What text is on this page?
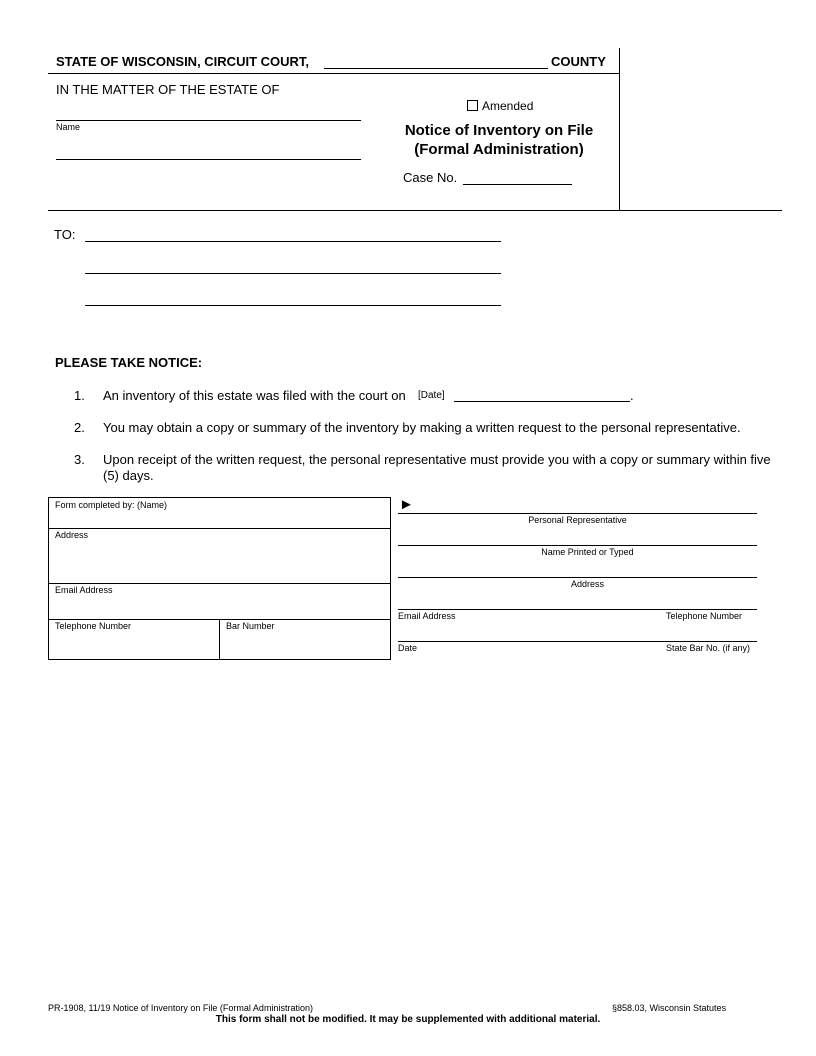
STATE OF WISCONSIN, CIRCUIT COURT,	COUNTY
IN THE MATTER OF THE ESTATE OF
Name
Amended
Notice of Inventory on File
(Formal Administration)
Case No.
TO:
PLEASE TAKE NOTICE:
1. An inventory of this estate was filed with the court on [Date]	.
2. You may obtain a copy or summary of the inventory by making a written request to the personal representative.
3. Upon receipt of the written request, the personal representative must provide you with a copy or summary within five (5) days.
Form completed by: (Name)
Address
Email Address
Telephone Number	Bar Number
►
Personal Representative
Name Printed or Typed
Address
Email Address	Telephone Number
Date	State Bar No. (if any)
PR-1908, 11/19 Notice of Inventory on File (Formal Administration)	§858.03, Wisconsin Statutes
This form shall not be modified. It may be supplemented with additional material.
